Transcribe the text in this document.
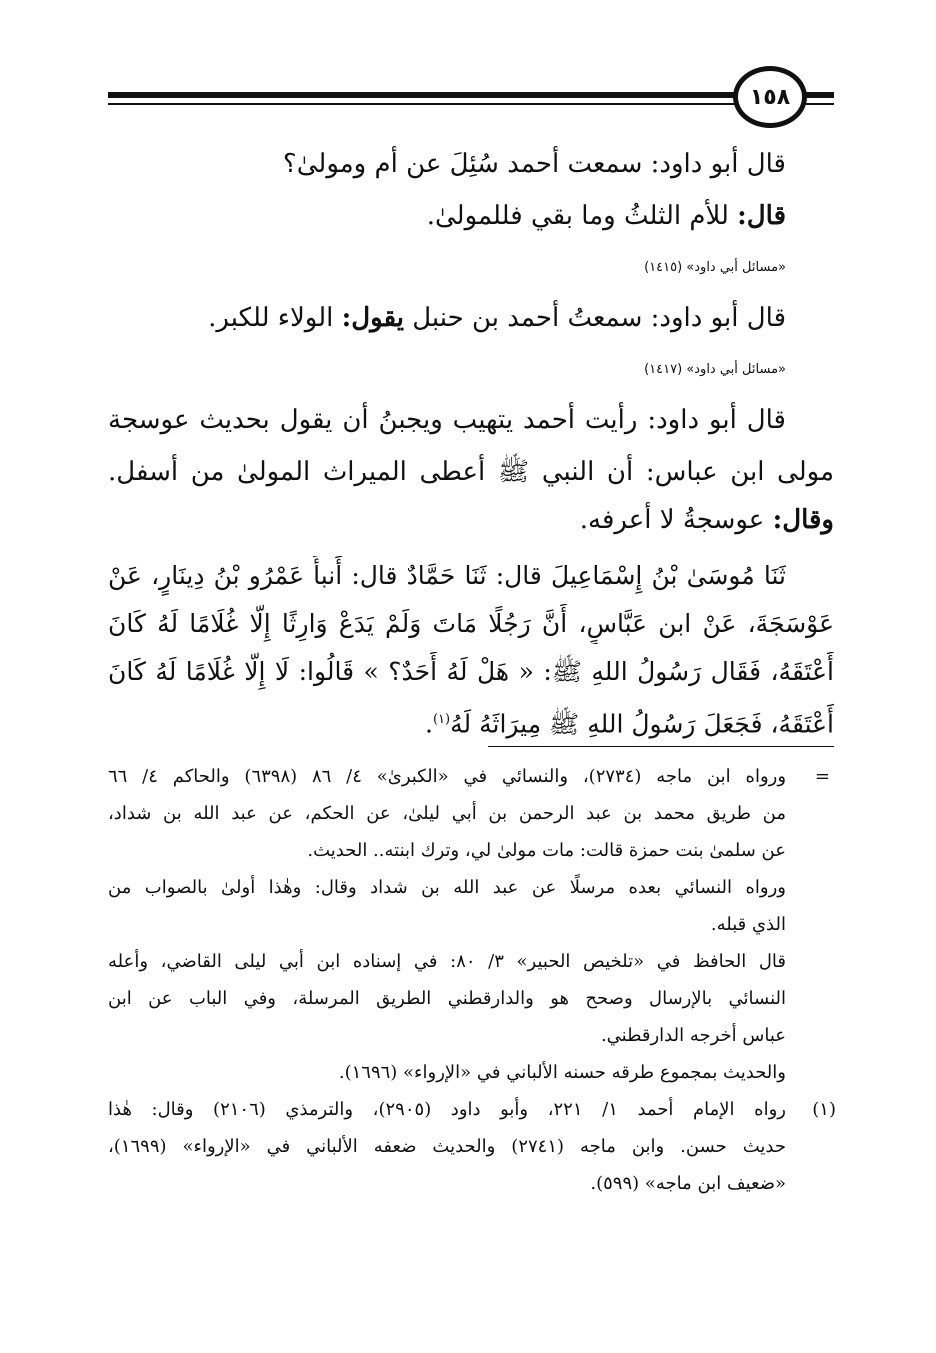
١٥٨
قال أبو داود: سمعت أحمد سُئِلَ عن أم ومولىٰ؟
قال: للأم الثلثُ وما بقي فللمولىٰ.
«مسائل أبي داود» (١٤١٥)
قال أبو داود: سمعتُ أحمد بن حنبل يقول: الولاء للكبر.
«مسائل أبي داود» (١٤١٧)
قال أبو داود: رأيت أحمد يتهيب ويجبنُ أن يقول بحديث عوسجة
مولى ابن عباس: أن النبي ﷺ أعطى الميراث المولىٰ من أسفل.
وقال: عوسجةُ لا أعرفه.
ثَنَا مُوسَىٰ بْنُ إِسْمَاعِيلَ قال: ثَنَا حَمَّادٌ قال: أَنبأَ عَمْرُو بْنُ دِينَارٍ، عَنْ
عَوْسَجَةَ، عَنْ ابن عَبَّاسٍ، أَنَّ رَجُلًا مَاتَ وَلَمْ يَدَعْ وَارِثًا إِلَّا غُلَامًا لَهُ كَانَ
أَعْتَقَهُ، فَقَال رَسُولُ اللهِ ﷺ: « هَلْ لَهُ أَحَدٌ؟ » قَالُوا: لَا إِلَّا غُلَامًا لَهُ كَانَ
أَعْتَقَهُ، فَجَعَلَ رَسُولُ اللهِ ﷺ مِيرَاثَهُ لَهُ$^{(١)}$.
=
ورواه ابن ماجه (٢٧٣٤)، والنسائي في «الكبرىٰ» ٤/ ٨٦ (٦٣٩٨) والحاكم ٤/ ٦٦
من طريق محمد بن عبد الرحمن بن أبي ليلىٰ، عن الحكم، عن عبد الله بن شداد،
عن سلمىٰ بنت حمزة قالت: مات مولىٰ لي، وترك ابنته.. الحديث.
ورواه النسائي بعده مرسلًا عن عبد الله بن شداد وقال: وهٰذا أولىٰ بالصواب من
الذي قبله.
قال الحافظ في «تلخيص الحبير» ٣/ ٨٠: في إسناده ابن أبي ليلى القاضي، وأعله
النسائي بالإرسال وصحح هو والدارقطني الطريق المرسلة، وفي الباب عن ابن
عباس أخرجه الدارقطني.
والحديث بمجموع طرقه حسنه الألباني في «الإرواء» (١٦٩٦).
(١)
رواه الإمام أحمد ١/ ٢٢١، وأبو داود (٢٩٠٥)، والترمذي (٢١٠٦) وقال: هٰذا
حديث حسن. وابن ماجه (٢٧٤١) والحديث ضعفه الألباني في «الإرواء» (١٦٩٩)،
«ضعيف ابن ماجه» (٥٩٩).
